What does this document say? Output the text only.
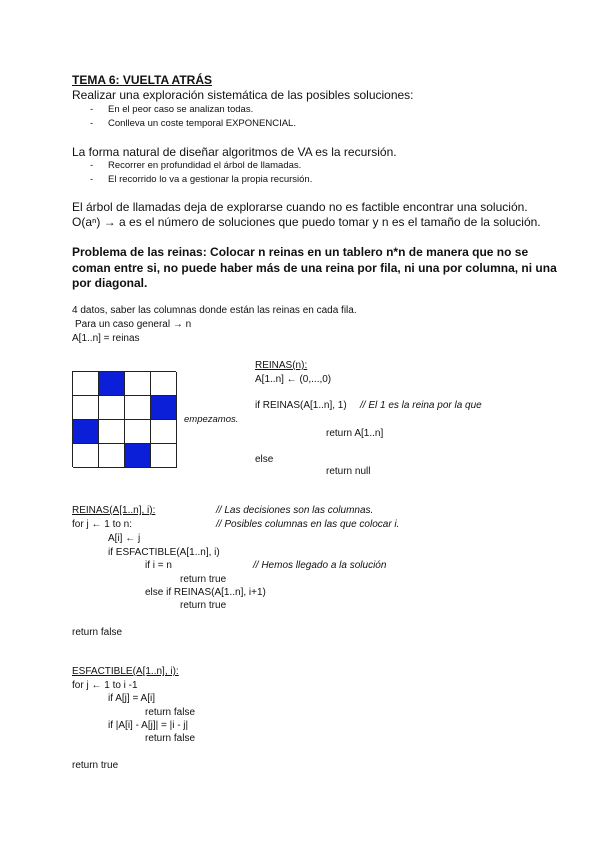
TEMA 6: VUELTA ATRÁS
Realizar una exploración sistemática de las posibles soluciones:
- En el peor caso se analizan todas.
- Conlleva un coste temporal EXPONENCIAL.
La forma natural de diseñar algoritmos de VA es la recursión.
- Recorrer en profundidad el árbol de llamadas.
- El recorrido lo va a gestionar la propia recursión.
El árbol de llamadas deja de explorarse cuando no es factible encontrar una solución.
O(aⁿ) → a es el número de soluciones que puedo tomar y n es el tamaño de la solución.
Problema de las reinas: Colocar n reinas en un tablero n*n de manera que no se
coman entre si, no puede haber más de una reina por fila, ni una por columna, ni una
por diagonal.
4 datos, saber las columnas donde están las reinas en cada fila.
Para un caso general → n
A[1..n] = reinas
REINAS(n):
A[1..n] ← (0,...,0)
if REINAS(A[1..n], 1) // El 1 es la reina por la que
empezamos.
return A[1..n]
else
return null
REINAS(A[1..n], i):	// Las decisiones son las columnas.
for j ← 1 to n:	// Posibles columnas en las que colocar i.
A[i] ← j
if ESFACTIBLE(A[1..n], i)
if i = n	// Hemos llegado a la solución
return true
else if REINAS(A[1..n], i+1)
return true
return false
ESFACTIBLE(A[1..n], i):
for j ← 1 to i -1
if A[j] = A[i]
return false
if |A[i] - A[j]| = |i - j|
return false
return true
